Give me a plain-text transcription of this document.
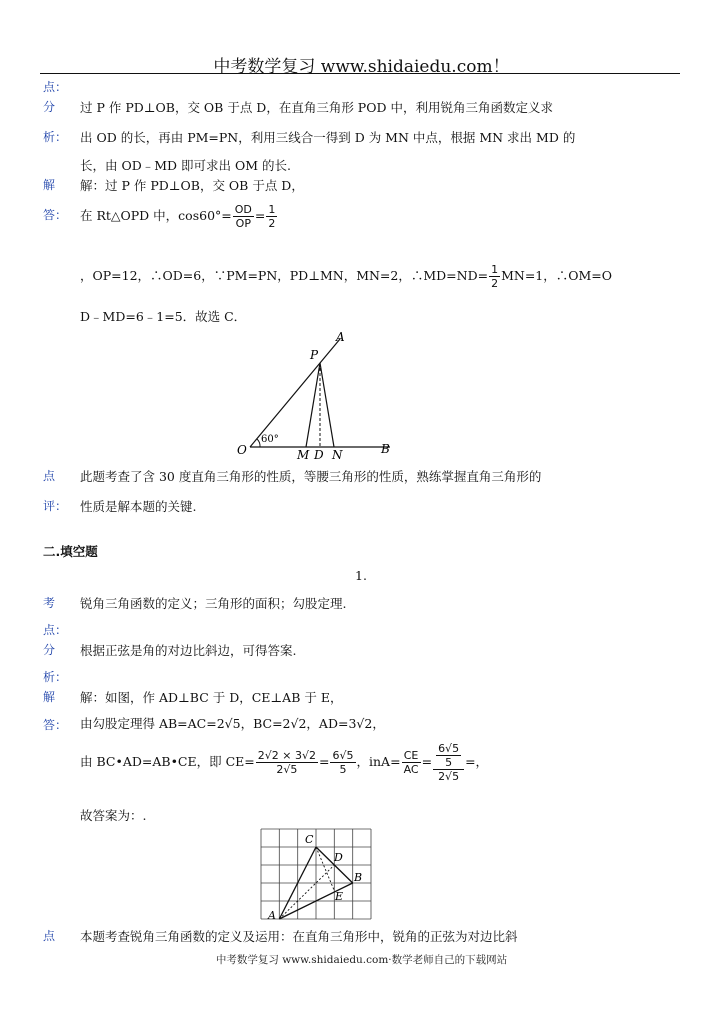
中考数学复习 www.shidaiedu.com！
点：
分 过 P 作 PD⊥OB，交 OB 于点 D，在直角三角形 POD 中，利用锐角三角函数定义求
析： 出 OD 的长，再由 PM=PN，利用三线合一得到 D 为 MN 中点，根据 MN 求出 MD 的
长，由 OD﹣MD 即可求出 OM 的长.
解 解：过 P 作 PD⊥OB，交 OB 于点 D，
答： 在 Rt△OPD 中，$\cos 60^\circ= \frac{OD}{OP} = \frac{1}{2}$
，OP=12，∴OD=6，∵PM=PN，PD⊥MN，MN=2，∴MD=ND= $\frac{1}{2} MN=1$，∴OM=O
D﹣MD=6﹣1=5．故选 C．
A
P
O	B
M D N
60°
点 此题考查了含 30 度直角三角形的性质，等腰三角形的性质，熟练掌握直角三角形的
评： 性质是解本题的关键.
二.填空题
1.
考 锐角三角函数的定义；三角形的面积；勾股定理.
点：
分 根据正弦是角的对边比斜边，可得答案.
析：
解 解：如图，作 AD⊥BC 于 D，CE⊥AB 于 E，
答： 由勾股定理得 AB=AC=2√5，BC=2√2，AD=3√2，
由 BC•AD=AB•CE，即 $CE= \frac{2√2 \times 3√2}{2√5} = \frac{6√5}{5}$ ，$inA= \frac{CE}{AC} = \frac{\frac{6√5}{5}}{2√5}$ =，
故答案为：.
C
D
B
E
A
点 本题考查锐角三角函数的定义及运用：在直角三角形中，锐角的正弦为对边比斜
中考数学复习 www.shidaiedu.com·数学老师自己的下载网站
